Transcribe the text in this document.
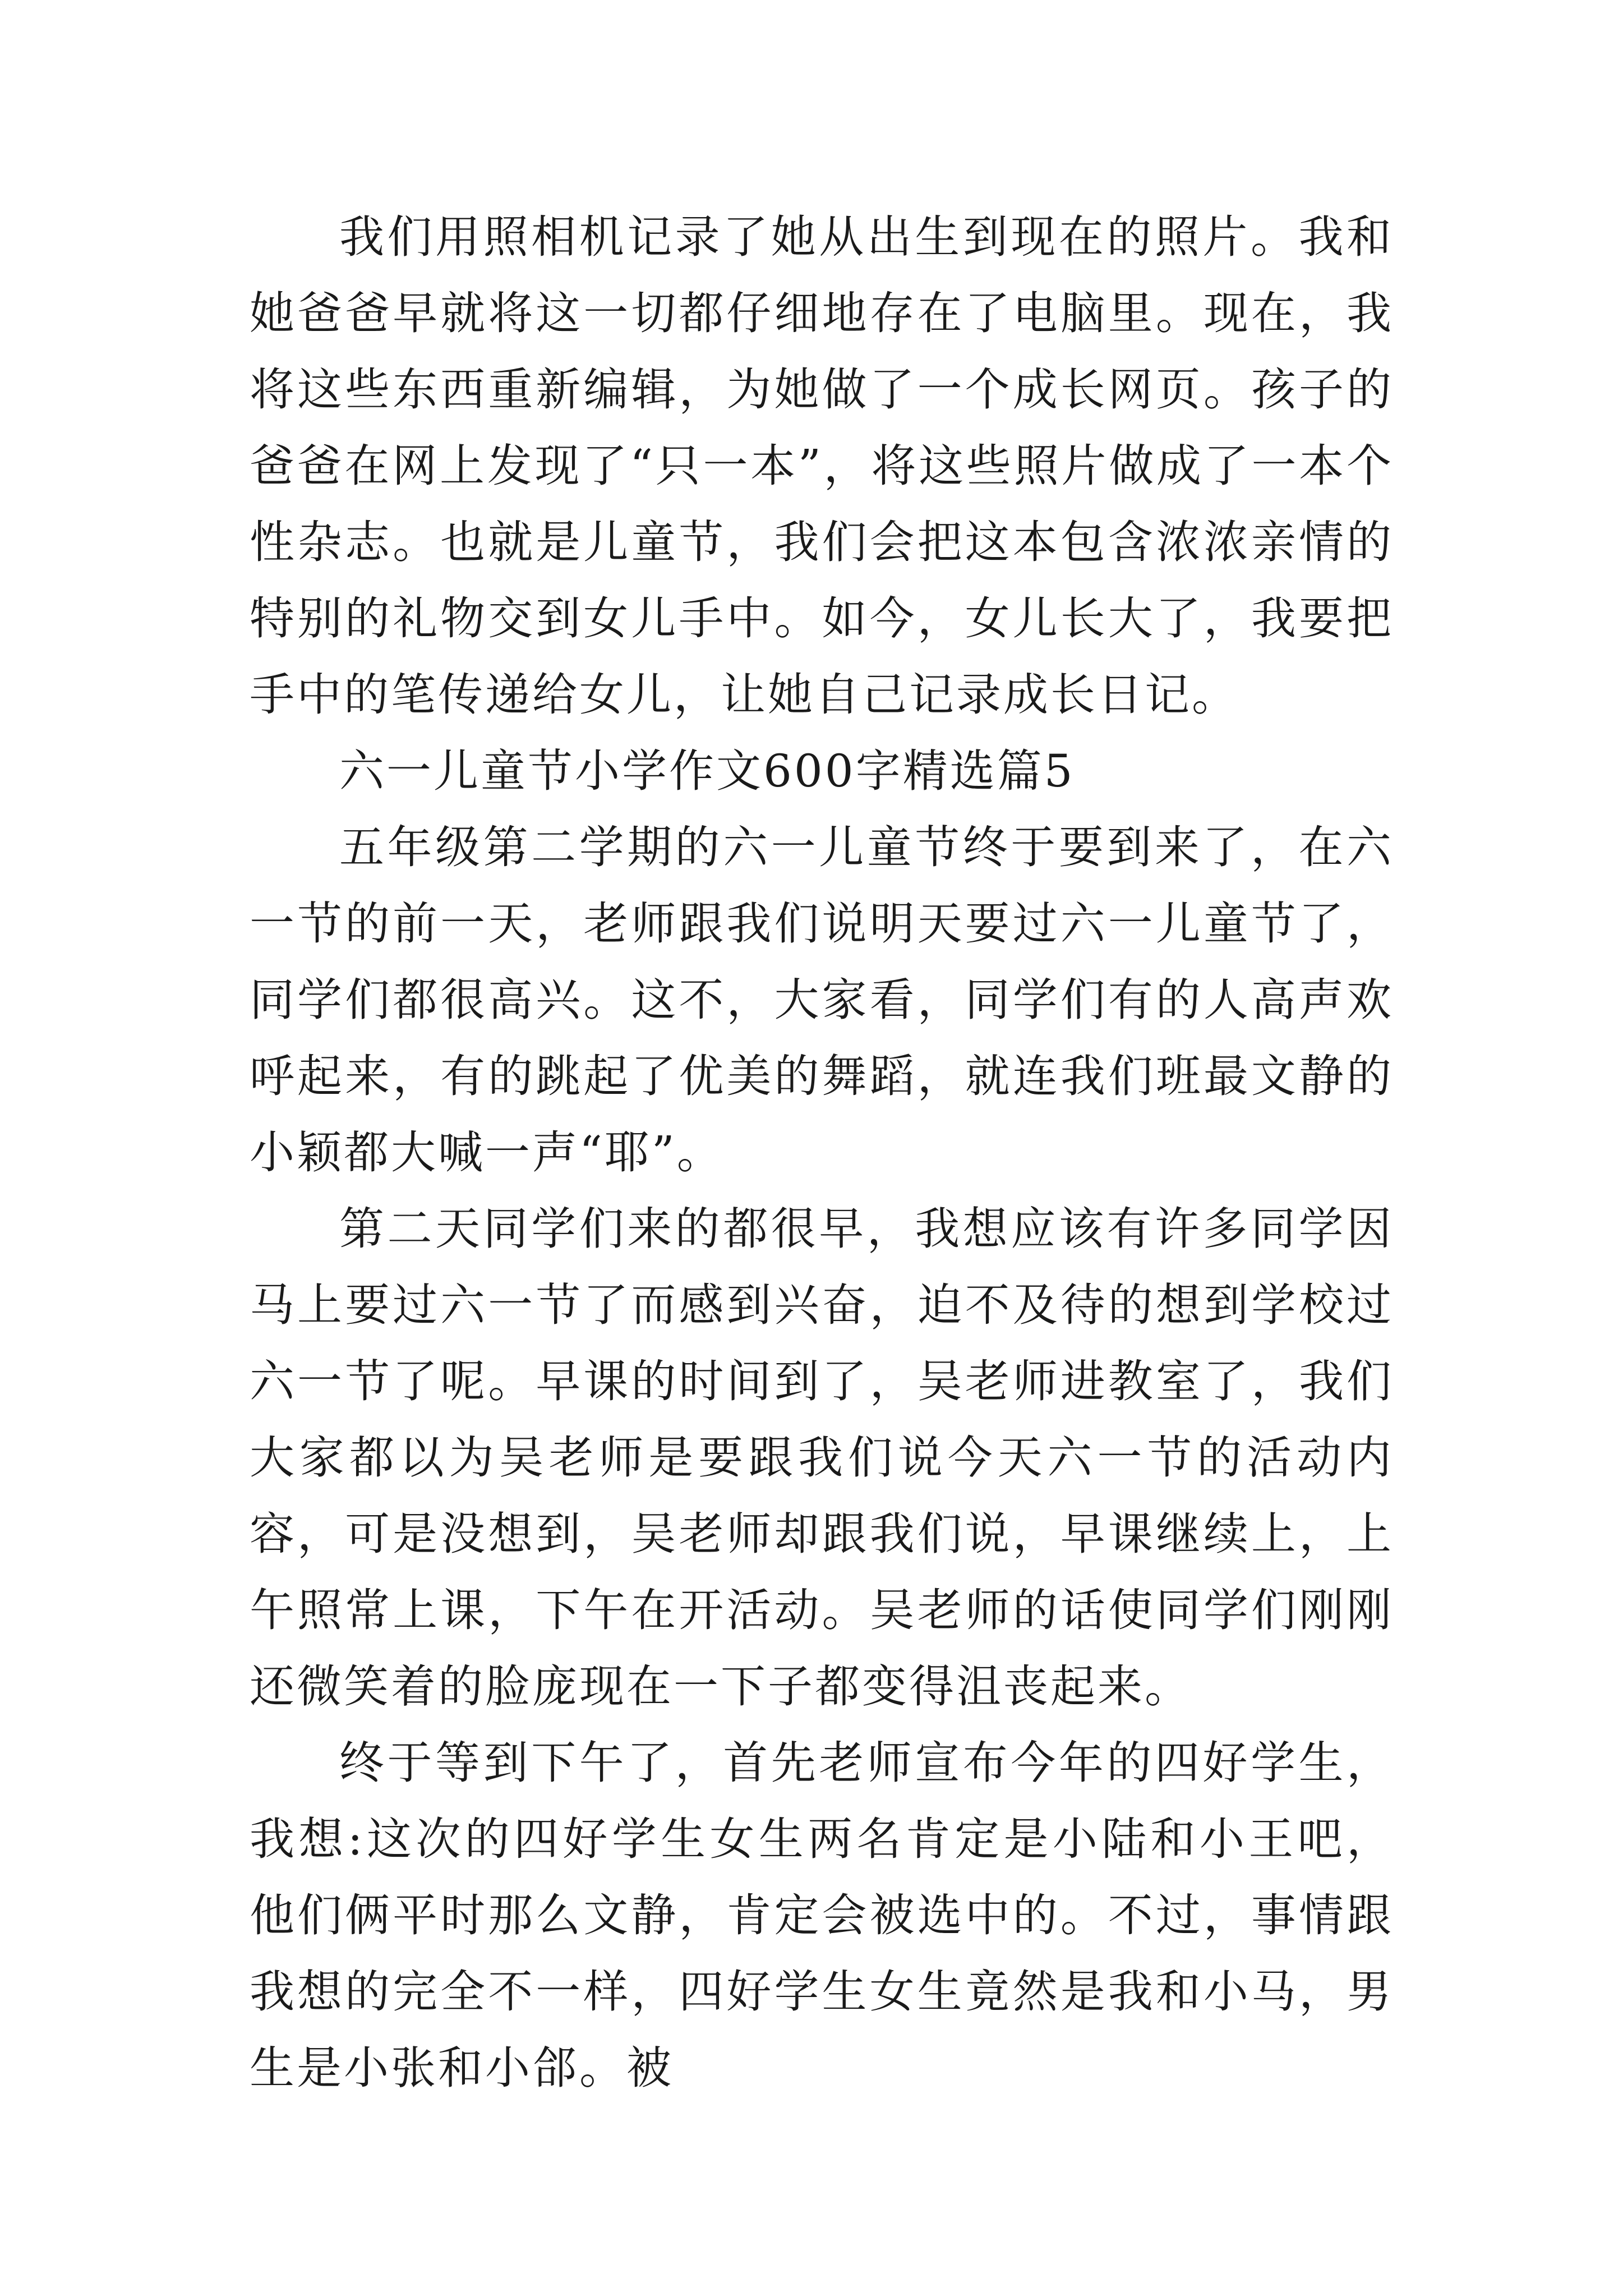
我们用照相机记录了她从出生到现在的照片。我和她爸爸早就将这一切都仔细地存在了电脑里。现在，我将这些东西重新编辑，为她做了一个成长网页。孩子的爸爸在网上发现了“只一本”，将这些照片做成了一本个性杂志。也就是儿童节，我们会把这本包含浓浓亲情的特别的礼物交到女儿手中。如今，女儿长大了，我要把手中的笔传递给女儿，让她自己记录成长日记。

六一儿童节小学作文600字精选篇5

五年级第二学期的六一儿童节终于要到来了，在六一节的前一天，老师跟我们说明天要过六一儿童节了，同学们都很高兴。这不，大家看，同学们有的人高声欢呼起来，有的跳起了优美的舞蹈，就连我们班最文静的小颖都大喊一声“耶”。

第二天同学们来的都很早，我想应该有许多同学因马上要过六一节了而感到兴奋，迫不及待的想到学校过六一节了呢。早课的时间到了，吴老师进教室了，我们大家都以为吴老师是要跟我们说今天六一节的活动内容，可是没想到，吴老师却跟我们说，早课继续上，上午照常上课，下午在开活动。吴老师的话使同学们刚刚还微笑着的脸庞现在一下子都变得沮丧起来。

终于等到下午了，首先老师宣布今年的四好学生，我想:这次的四好学生女生两名肯定是小陆和小王吧，他们俩平时那么文静，肯定会被选中的。不过，事情跟我想的完全不一样，四好学生女生竟然是我和小马，男生是小张和小郃。被
